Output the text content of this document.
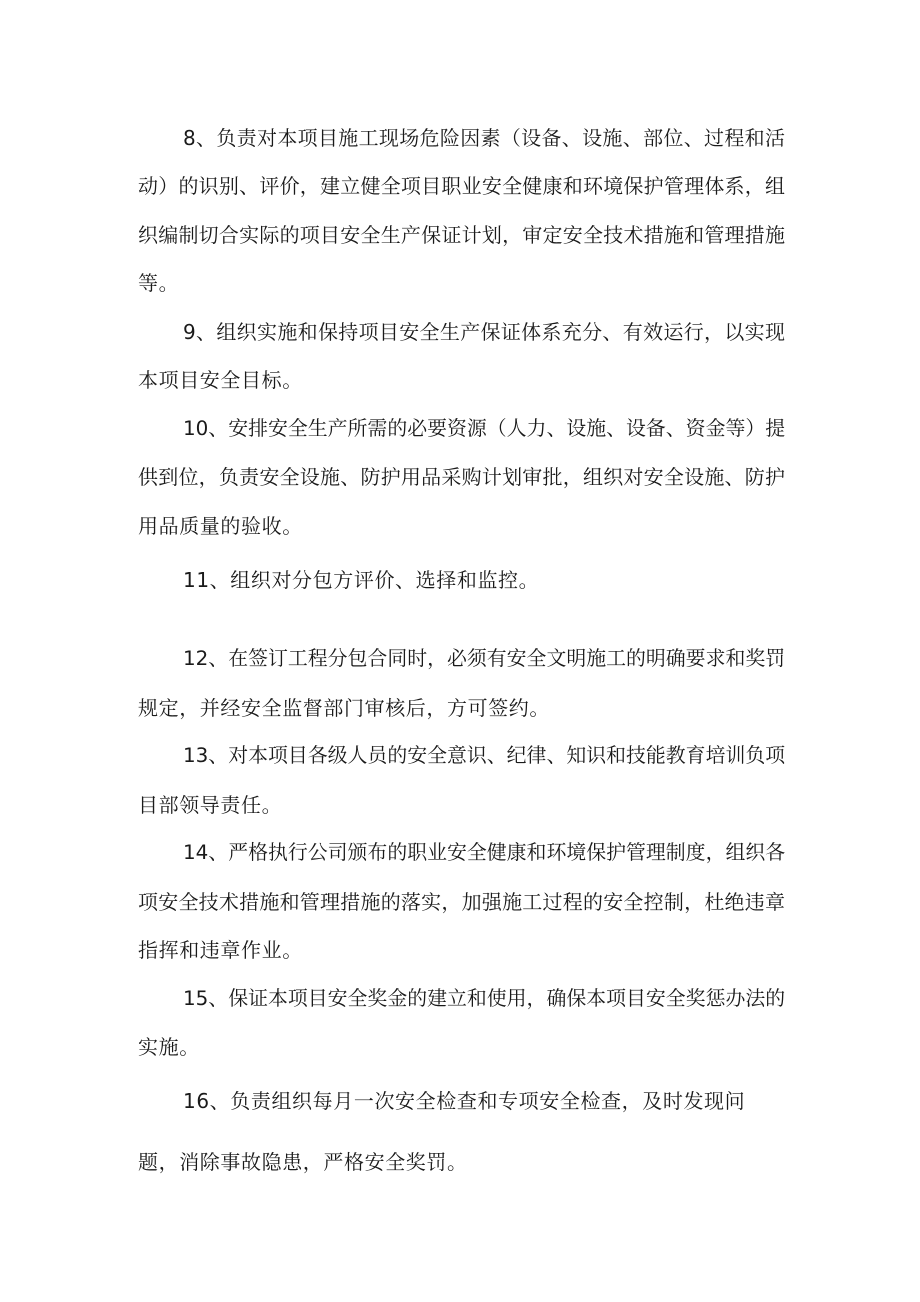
8、负责对本项目施工现场危险因素（设备、设施、部位、过程和活
动）的识别、评价，建立健全项目职业安全健康和环境保护管理体系，组
织编制切合实际的项目安全生产保证计划，审定安全技术措施和管理措施
等。
9、组织实施和保持项目安全生产保证体系充分、有效运行，以实现
本项目安全目标。
10、安排安全生产所需的必要资源（人力、设施、设备、资金等）提
供到位，负责安全设施、防护用品采购计划审批，组织对安全设施、防护
用品质量的验收。
11、组织对分包方评价、选择和监控。
12、在签订工程分包合同时，必须有安全文明施工的明确要求和奖罚
规定，并经安全监督部门审核后，方可签约。
13、对本项目各级人员的安全意识、纪律、知识和技能教育培训负项
目部领导责任。
14、严格执行公司颁布的职业安全健康和环境保护管理制度，组织各
项安全技术措施和管理措施的落实，加强施工过程的安全控制，杜绝违章
指挥和违章作业。
15、保证本项目安全奖金的建立和使用，确保本项目安全奖惩办法的
实施。
16、负责组织每月一次安全检查和专项安全检查，及时发现问
题，消除事故隐患，严格安全奖罚。
